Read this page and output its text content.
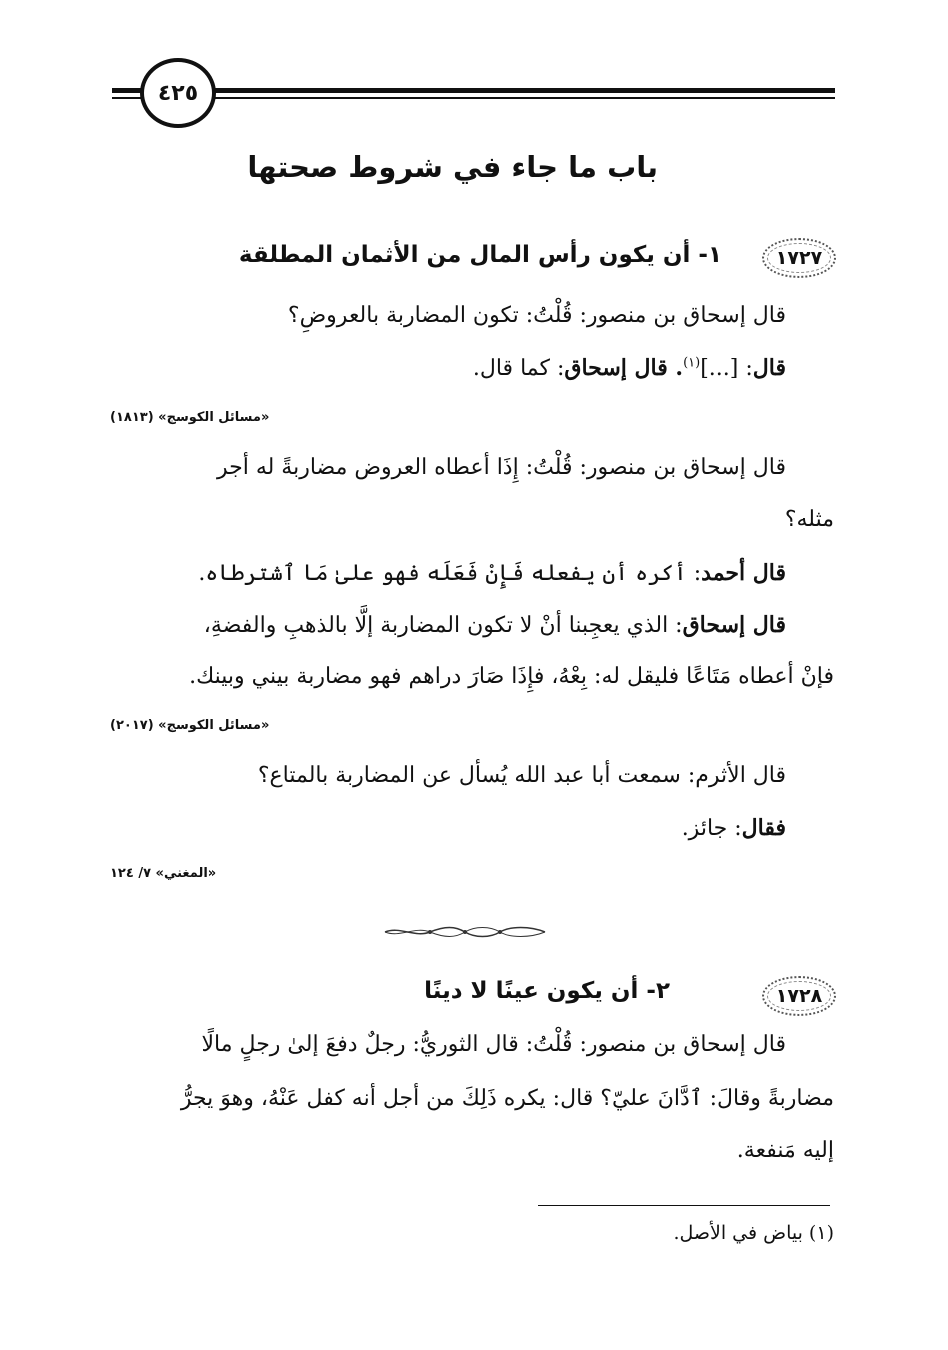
٤٢٥
باب ما جاء في شروط صحتها
١٧٢٧
١- أن يكون رأس المال من الأثمان المطلقة
قال إسحاق بن منصور: قُلْتُ: تكون المضاربة بالعروضِ؟
قال: [...]$^{(١)}$. قال إسحاق: كما قال.
«مسائل الكوسج» (١٨١٣)
قال إسحاق بن منصور: قُلْتُ: إِذَا أعطاه العروض مضاربةً له أجر
مثله؟
قال أحمد: أكره أن يفعله فَإِنْ فَعَلَه فهو علىٰ مَا ٱشترطاه.
قال إسحاق: الذي يعجِبنا أنْ لا تكون المضاربة إلَّا بالذهبِ والفضةِ،
فإنْ أعطاه مَتَاعًا فليقل له: بِعْهُ، فإِذَا صَارَ دراهم فهو مضاربة بيني وبينك.
«مسائل الكوسج» (٢٠١٧)
قال الأثرم: سمعت أبا عبد الله يُسأل عن المضاربة بالمتاع؟
فقال: جائز.
«المغني» ٧/ ١٢٤
١٧٢٨
٢- أن يكون عينًا لا دينًا
قال إسحاق بن منصور: قُلْتُ: قال الثوريُّ: رجلٌ دفعَ إلىٰ رجلٍ مالًا
مضاربةً وقالَ: ٱدَّانَ عليّ؟ قال: يكره ذَلِكَ من أجل أنه كفل عَنْهُ، وهوَ يجرُّ
إليه مَنفعة.
(١) بياض في الأصل.
